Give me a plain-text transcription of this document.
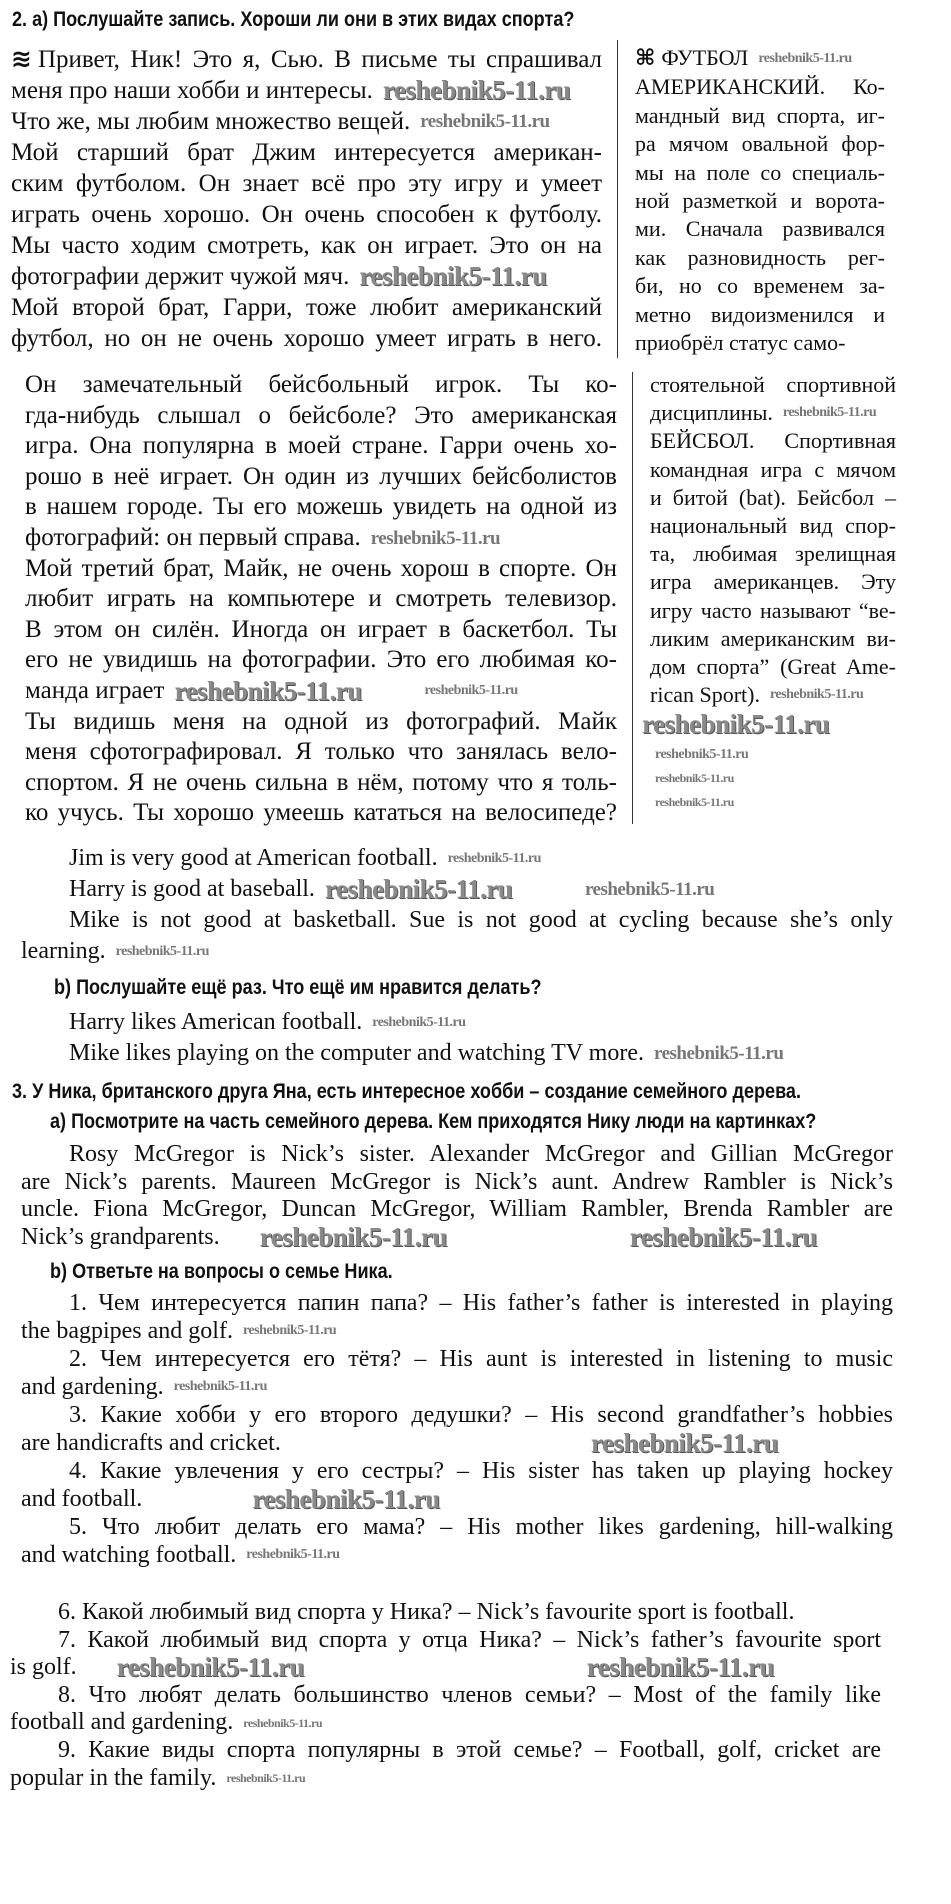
2. а) Послушайте запись. Хороши ли они в этих видах спорта?
≋ Привет, Ник! Это я, Сью. В письме ты спрашивал
меня про наши хобби и интересы.
Что же, мы любим множество вещей.
Мой старший брат Джим интересуется американ-
ским футболом. Он знает всё про эту игру и умеет
играть очень хорошо. Он очень способен к футболу.
Мы часто ходим смотреть, как он играет. Это он на
фотографии держит чужой мяч.
Мой второй брат, Гарри, тоже любит американский
футбол, но он не очень хорошо умеет играть в него.
⌘ ФУТБОЛ
АМЕРИКАНСКИЙ. Ко-
мандный вид спорта, иг-
ра мячом овальной фор-
мы на поле со специаль-
ной разметкой и ворота-
ми. Сначала развивался
как разновидность рег-
би, но со временем за-
метно видоизменился и
приобрёл статус само-
Он замечательный бейсбольный игрок. Ты ко-
гда-нибудь слышал о бейсболе? Это американская
игра. Она популярна в моей стране. Гарри очень хо-
рошо в неё играет. Он один из лучших бейсболистов
в нашем городе. Ты его можешь увидеть на одной из
фотографий: он первый справа.
Мой третий брат, Майк, не очень хорош в спорте. Он
любит играть на компьютере и смотреть телевизор.
В этом он силён. Иногда он играет в баскетбол. Ты
его не увидишь на фотографии. Это его любимая ко-
манда играет
Ты видишь меня на одной из фотографий. Майк
меня сфотографировал. Я только что занялась вело-
спортом. Я не очень сильна в нём, потому что я толь-
ко учусь. Ты хорошо умеешь кататься на велосипеде?
стоятельной спортивной
дисциплины.
БЕЙСБОЛ. Спортивная
командная игра с мячом
и битой (bat). Бейсбол –
национальный вид спор-
та, любимая зрелищная
игра американцев. Эту
игру часто называют “ве-
ликим американским ви-
дом спорта” (Great Ame-
rican Sport).
Jim is very good at American football.
Harry is good at baseball.
Mike is not good at basketball. Sue is not good at cycling because she’s only
learning.
b) Послушайте ещё раз. Что ещё им нравится делать?
Harry likes American football.
Mike likes playing on the computer and watching TV more.
3. У Ника, британского друга Яна, есть интересное хобби – создание семейного дерева.
а) Посмотрите на часть семейного дерева. Кем приходятся Нику люди на картинках?
Rosy McGregor is Nick’s sister. Alexander McGregor and Gillian McGregor
are Nick’s parents. Maureen McGregor is Nick’s aunt. Andrew Rambler is Nick’s
uncle. Fiona McGregor, Duncan McGregor, William Rambler, Brenda Rambler are
Nick’s grandparents.
b) Ответьте на вопросы о семье Ника.
1. Чем интересуется папин папа? – His father’s father is interested in playing
the bagpipes and golf.
2. Чем интересуется его тётя? – His aunt is interested in listening to music
and gardening.
3. Какие хобби у его второго дедушки? – His second grandfather’s hobbies
are handicrafts and cricket.
4. Какие увлечения у его сестры? – His sister has taken up playing hockey
and football.
5. Что любит делать его мама? – His mother likes gardening, hill-walking
and watching football.
6. Какой любимый вид спорта у Ника? – Nick’s favourite sport is football.
7. Какой любимый вид спорта у отца Ника? – Nick’s father’s favourite sport
is golf.
8. Что любят делать большинство членов семьи? – Most of the family like
football and gardening.
9. Какие виды спорта популярны в этой семье? – Football, golf, cricket are
popular in the family.
reshebnik5-11.ru
reshebnik5-11.ru
reshebnik5-11.ru
reshebnik5-11.ru
reshebnik5-11.ru
reshebnik5-11.ru	reshebnik5-11.ru
reshebnik5-11.ru
reshebnik5-11.ru
reshebnik5-11.ru
reshebnik5-11.ru
reshebnik5-11.ru
reshebnik5-11.ru
reshebnik5-11.ru
reshebnik5-11.ru	reshebnik5-11.ru
reshebnik5-11.ru
reshebnik5-11.ru
reshebnik5-11.ru
reshebnik5-11.ru	reshebnik5-11.ru
reshebnik5-11.ru
reshebnik5-11.ru
reshebnik5-11.ru
reshebnik5-11.ru
reshebnik5-11.ru
reshebnik5-11.ru	reshebnik5-11.ru
reshebnik5-11.ru
reshebnik5-11.ru
